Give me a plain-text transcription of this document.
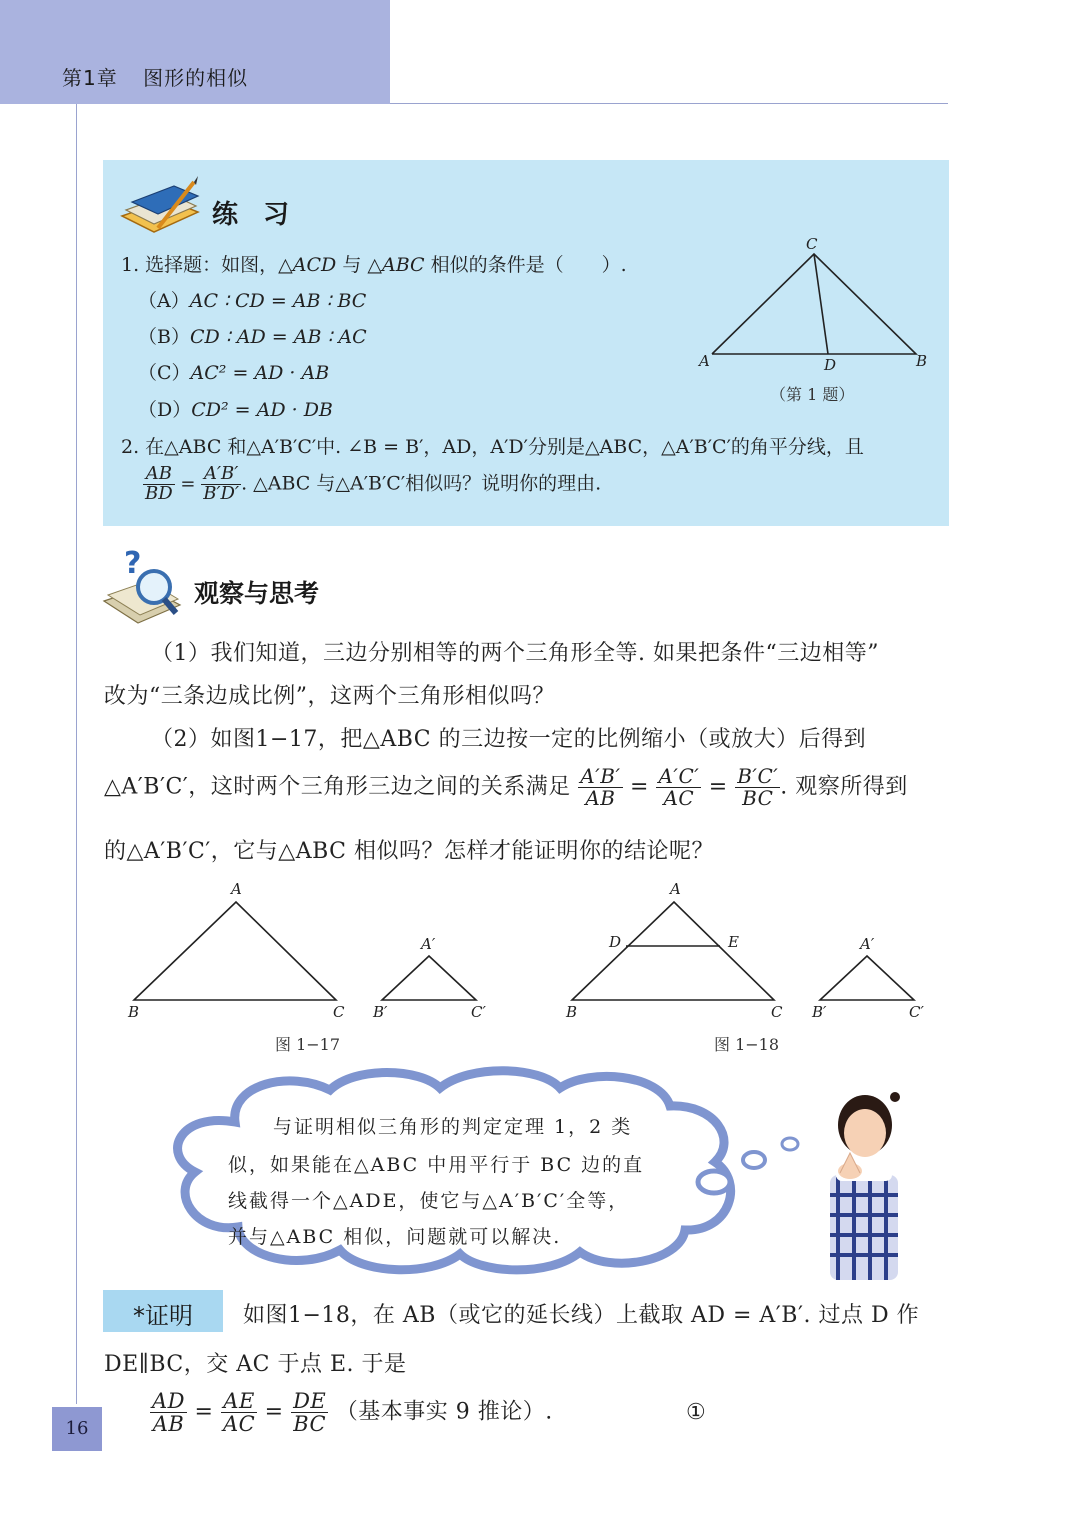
第1章 图形的相似
练 习
1. 选择题：如图，△ACD 与 △ABC 相似的条件是（　　）.
（A）AC ∶ CD = AB ∶ BC
（B）CD ∶ AD = AB ∶ AC
（C）AC² = AD · AB
（D）CD² = AD · DB
A
C
D	B
（第 1 题）
2. 在△ABC 和△A′B′C′中. ∠B = B′，AD，A′D′分别是△ABC，△A′B′C′的角平分线，且
$\frac{AB}{BD} = \frac{A'B'}{B'D'}$ . △ABC 与△A′B′C′相似吗？说明你的理由.
?
观察与思考
（1）我们知道，三边分别相等的两个三角形全等. 如果把条件“三边相等”
改为“三条边成比例”，这两个三角形相似吗？
（2）如图1−17，把△ABC 的三边按一定的比例缩小（或放大）后得到
△A′B′C′，这时两个三角形三边之间的关系满足 $\frac{A'B'}{AB} = \frac{A'C'}{AC} = \frac{B'C'}{BC}$ . 观察所得到
的△A′B′C′，它与△ABC 相似吗？怎样才能证明你的结论呢？
A
B	C
A′
B′	C′
图 1−17
A
D	E
B	C
A′
B′	C′
图 1−18
与证明相似三角形的判定定理 1，2 类
似，如果能在△ABC 中用平行于 BC 边的直
线截得一个△ADE，使它与△A′B′C′全等，
并与△ABC 相似，问题就可以解决.
*证明	如图1−18，在 AB（或它的延长线）上截取 AD = A′B′. 过点 D 作
DE∥BC，交 AC 于点 E. 于是
$\frac{AD}{AB} = \frac{AE}{AC} = \frac{DE}{BC}$ （基本事实 9 推论）.	①
16
